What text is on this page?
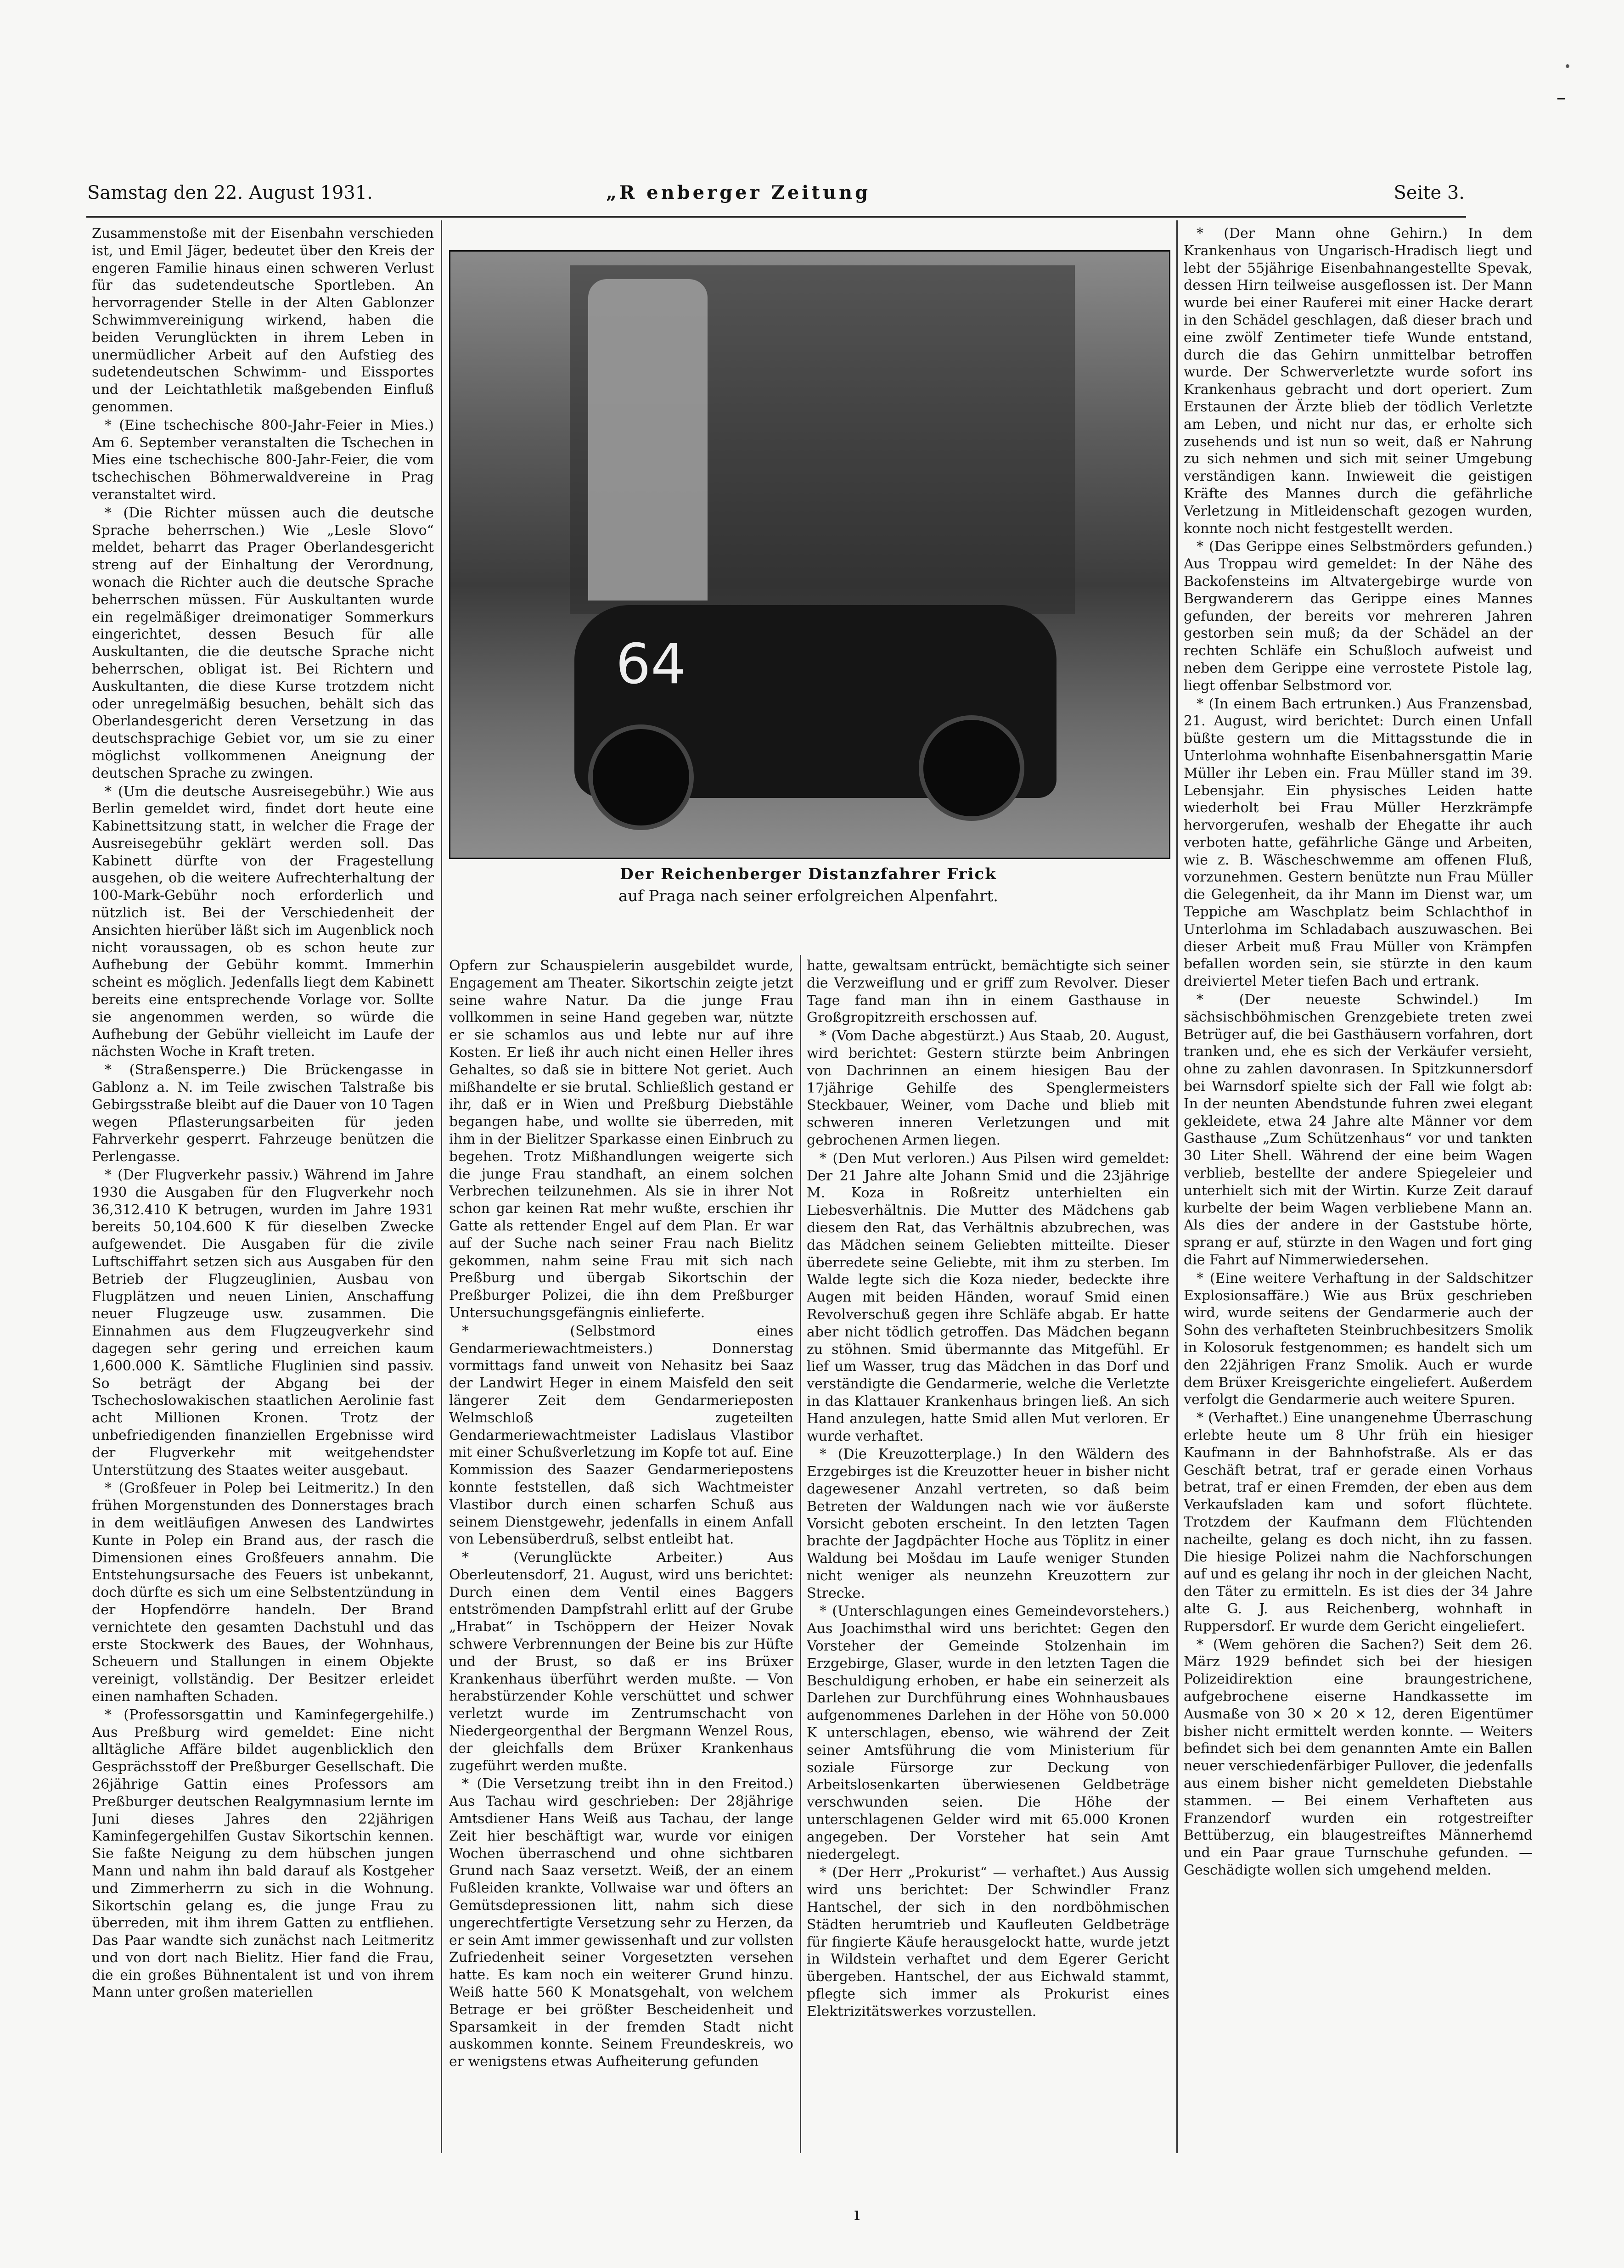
–
Samstag den 22. August 1931.	„R enberger Zeitung	Seite 3.

Zusammenstoße mit der Eisenbahn verschieden ist, und Emil Jäger, bedeutet über den Kreis der engeren Familie hinaus einen schweren Verlust für das sudetendeutsche Sportleben. An hervorragender Stelle in der Alten Gablonzer Schwimmvereinigung wirkend, haben die beiden Verunglückten in ihrem Leben in unermüdlicher Arbeit auf den Aufstieg des sudetendeutschen Schwimm- und Eissportes und der Leichtathletik maßgebenden Einfluß genommen.

* (Eine tschechische 800-Jahr-Feier in Mies.) Am 6. September veranstalten die Tschechen in Mies eine tschechische 800-Jahr-Feier, die vom tschechischen Böhmerwaldvereine in Prag veranstaltet wird.

* (Die Richter müssen auch die deutsche Sprache beherrschen.) Wie „Lesle Slovo“ meldet, beharrt das Prager Oberlandesgericht streng auf der Einhaltung der Verordnung, wonach die Richter auch die deutsche Sprache beherrschen müssen. Für Auskultanten wurde ein regelmäßiger dreimonatiger Sommerkurs eingerichtet, dessen Besuch für alle Auskultanten, die die deutsche Sprache nicht beherrschen, obligat ist. Bei Richtern und Auskultanten, die diese Kurse trotzdem nicht oder unregelmäßig besuchen, behält sich das Oberlandesgericht deren Versetzung in das deutschsprachige Gebiet vor, um sie zu einer möglichst vollkommenen Aneignung der deutschen Sprache zu zwingen.

* (Um die deutsche Ausreisegebühr.) Wie aus Berlin gemeldet wird, findet dort heute eine Kabinettsitzung statt, in welcher die Frage der Ausreisegebühr geklärt werden soll. Das Kabinett dürfte von der Fragestellung ausgehen, ob die weitere Aufrechterhaltung der 100-Mark-Gebühr noch erforderlich und nützlich ist. Bei der Verschiedenheit der Ansichten hierüber läßt sich im Augenblick noch nicht voraussagen, ob es schon heute zur Aufhebung der Gebühr kommt. Immerhin scheint es möglich. Jedenfalls liegt dem Kabinett bereits eine entsprechende Vorlage vor. Sollte sie angenommen werden, so würde die Aufhebung der Gebühr vielleicht im Laufe der nächsten Woche in Kraft treten.

* (Straßensperre.) Die Brückengasse in Gablonz a. N. im Teile zwischen Talstraße bis Gebirgsstraße bleibt auf die Dauer von 10 Tagen wegen Pflasterungsarbeiten für jeden Fahrverkehr gesperrt. Fahrzeuge benützen die Perlengasse.

* (Der Flugverkehr passiv.) Während im Jahre 1930 die Ausgaben für den Flugverkehr noch 36,312.410 K betrugen, wurden im Jahre 1931 bereits 50,104.600 K für dieselben Zwecke aufgewendet. Die Ausgaben für die zivile Luftschiffahrt setzen sich aus Ausgaben für den Betrieb der Flugzeuglinien, Ausbau von Flugplätzen und neuen Linien, Anschaffung neuer Flugzeuge usw. zusammen. Die Einnahmen aus dem Flugzeugverkehr sind dagegen sehr gering und erreichen kaum 1,600.000 K. Sämtliche Fluglinien sind passiv. So beträgt der Abgang bei der Tschechoslowakischen staatlichen Aerolinie fast acht Millionen Kronen. Trotz der unbefriedigenden finanziellen Ergebnisse wird der Flugverkehr mit weitgehendster Unterstützung des Staates weiter ausgebaut.

* (Großfeuer in Polep bei Leitmeritz.) In den frühen Morgenstunden des Donnerstages brach in dem weitläufigen Anwesen des Landwirtes Kunte in Polep ein Brand aus, der rasch die Dimensionen eines Großfeuers annahm. Die Entstehungsursache des Feuers ist unbekannt, doch dürfte es sich um eine Selbstentzündung in der Hopfendörre handeln. Der Brand vernichtete den gesamten Dachstuhl und das erste Stockwerk des Baues, der Wohnhaus, Scheuern und Stallungen in einem Objekte vereinigt, vollständig. Der Besitzer erleidet einen namhaften Schaden.

* (Professorsgattin und Kaminfegergehilfe.) Aus Preßburg wird gemeldet: Eine nicht alltägliche Affäre bildet augenblicklich den Gesprächsstoff der Preßburger Gesellschaft. Die 26jährige Gattin eines Professors am Preßburger deutschen Realgymnasium lernte im Juni dieses Jahres den 22jährigen Kaminfegergehilfen Gustav Sikortschin kennen. Sie faßte Neigung zu dem hübschen jungen Mann und nahm ihn bald darauf als Kostgeher und Zimmerherrn zu sich in die Wohnung. Sikortschin gelang es, die junge Frau zu überreden, mit ihm ihrem Gatten zu entfliehen. Das Paar wandte sich zunächst nach Leitmeritz und von dort nach Bielitz. Hier fand die Frau, die ein großes Bühnentalent ist und von ihrem Mann unter großen materiellen

64
Der Reichenberger Distanzfahrer Frick
auf Praga nach seiner erfolgreichen Alpenfahrt.

Opfern zur Schauspielerin ausgebildet wurde, Engagement am Theater. Sikortschin zeigte jetzt seine wahre Natur. Da die junge Frau vollkommen in seine Hand gegeben war, nützte er sie schamlos aus und lebte nur auf ihre Kosten. Er ließ ihr auch nicht einen Heller ihres Gehaltes, so daß sie in bittere Not geriet. Auch mißhandelte er sie brutal. Schließlich gestand er ihr, daß er in Wien und Preßburg Diebstähle begangen habe, und wollte sie überreden, mit ihm in der Bielitzer Sparkasse einen Einbruch zu begehen. Trotz Mißhandlungen weigerte sich die junge Frau standhaft, an einem solchen Verbrechen teilzunehmen. Als sie in ihrer Not schon gar keinen Rat mehr wußte, erschien ihr Gatte als rettender Engel auf dem Plan. Er war auf der Suche nach seiner Frau nach Bielitz gekommen, nahm seine Frau mit sich nach Preßburg und übergab Sikortschin der Preßburger Polizei, die ihn dem Preßburger Untersuchungsgefängnis einlieferte.

* (Selbstmord eines Gendarmeriewachtmeisters.) Donnerstag vormittags fand unweit von Nehasitz bei Saaz der Landwirt Heger in einem Maisfeld den seit längerer Zeit dem Gendarmerieposten Welmschloß zugeteilten Gendarmeriewachtmeister Ladislaus Vlastibor mit einer Schußverletzung im Kopfe tot auf. Eine Kommission des Saazer Gendarmeriepostens konnte feststellen, daß sich Wachtmeister Vlastibor durch einen scharfen Schuß aus seinem Dienstgewehr, jedenfalls in einem Anfall von Lebensüberdruß, selbst entleibt hat.

* (Verunglückte Arbeiter.) Aus Oberleutensdorf, 21. August, wird uns berichtet: Durch einen dem Ventil eines Baggers entströmenden Dampfstrahl erlitt auf der Grube „Hrabat“ in Tschöppern der Heizer Novak schwere Verbrennungen der Beine bis zur Hüfte und der Brust, so daß er ins Brüxer Krankenhaus überführt werden mußte. — Von herabstürzender Kohle verschüttet und schwer verletzt wurde im Zentrumschacht von Niedergeorgenthal der Bergmann Wenzel Rous, der gleichfalls dem Brüxer Krankenhaus zugeführt werden mußte.

* (Die Versetzung treibt ihn in den Freitod.) Aus Tachau wird geschrieben: Der 28jährige Amtsdiener Hans Weiß aus Tachau, der lange Zeit hier beschäftigt war, wurde vor einigen Wochen überraschend und ohne sichtbaren Grund nach Saaz versetzt. Weiß, der an einem Fußleiden krankte, Vollwaise war und öfters an Gemütsdepressionen litt, nahm sich diese ungerechtfertigte Versetzung sehr zu Herzen, da er sein Amt immer gewissenhaft und zur vollsten Zufriedenheit seiner Vorgesetzten versehen hatte. Es kam noch ein weiterer Grund hinzu. Weiß hatte 560 K Monatsgehalt, von welchem Betrage er bei größter Bescheidenheit und Sparsamkeit in der fremden Stadt nicht auskommen konnte. Seinem Freundeskreis, wo er wenigstens etwas Aufheiterung gefunden

hatte, gewaltsam entrückt, bemächtigte sich seiner die Verzweiflung und er griff zum Revolver. Dieser Tage fand man ihn in einem Gasthause in Großgropitzreith erschossen auf.

* (Vom Dache abgestürzt.) Aus Staab, 20. August, wird berichtet: Gestern stürzte beim Anbringen von Dachrinnen an einem hiesigen Bau der 17jährige Gehilfe des Spenglermeisters Steckbauer, Weiner, vom Dache und blieb mit schweren inneren Verletzungen und mit gebrochenen Armen liegen.

* (Den Mut verloren.) Aus Pilsen wird gemeldet: Der 21 Jahre alte Johann Smid und die 23jährige M. Koza in Roßreitz unterhielten ein Liebesverhältnis. Die Mutter des Mädchens gab diesem den Rat, das Verhältnis abzubrechen, was das Mädchen seinem Geliebten mitteilte. Dieser überredete seine Geliebte, mit ihm zu sterben. Im Walde legte sich die Koza nieder, bedeckte ihre Augen mit beiden Händen, worauf Smid einen Revolverschuß gegen ihre Schläfe abgab. Er hatte aber nicht tödlich getroffen. Das Mädchen begann zu stöhnen. Smid übermannte das Mitgefühl. Er lief um Wasser, trug das Mädchen in das Dorf und verständigte die Gendarmerie, welche die Verletzte in das Klattauer Krankenhaus bringen ließ. An sich Hand anzulegen, hatte Smid allen Mut verloren. Er wurde verhaftet.

* (Die Kreuzotterplage.) In den Wäldern des Erzgebirges ist die Kreuzotter heuer in bisher nicht dagewesener Anzahl vertreten, so daß beim Betreten der Waldungen nach wie vor äußerste Vorsicht geboten erscheint. In den letzten Tagen brachte der Jagdpächter Hoche aus Töplitz in einer Waldung bei Mošdau im Laufe weniger Stunden nicht weniger als neunzehn Kreuzottern zur Strecke.

* (Unterschlagungen eines Gemeindevorstehers.) Aus Joachimsthal wird uns berichtet: Gegen den Vorsteher der Gemeinde Stolzenhain im Erzgebirge, Glaser, wurde in den letzten Tagen die Beschuldigung erhoben, er habe ein seinerzeit als Darlehen zur Durchführung eines Wohnhausbaues aufgenommenes Darlehen in der Höhe von 50.000 K unterschlagen, ebenso, wie während der Zeit seiner Amtsführung die vom Ministerium für soziale Fürsorge zur Deckung von Arbeitslosenkarten überwiesenen Geldbeträge verschwunden seien. Die Höhe der unterschlagenen Gelder wird mit 65.000 Kronen angegeben. Der Vorsteher hat sein Amt niedergelegt.

* (Der Herr „Prokurist“ — verhaftet.) Aus Aussig wird uns berichtet: Der Schwindler Franz Hantschel, der sich in den nordböhmischen Städten herumtrieb und Kaufleuten Geldbeträge für fingierte Käufe herausgelockt hatte, wurde jetzt in Wildstein verhaftet und dem Egerer Gericht übergeben. Hantschel, der aus Eichwald stammt, pflegte sich immer als Prokurist eines Elektrizitätswerkes vorzustellen.

* (Der Mann ohne Gehirn.) In dem Krankenhaus von Ungarisch-Hradisch liegt und lebt der 55jährige Eisenbahnangestellte Spevak, dessen Hirn teilweise ausgeflossen ist. Der Mann wurde bei einer Rauferei mit einer Hacke derart in den Schädel geschlagen, daß dieser brach und eine zwölf Zentimeter tiefe Wunde entstand, durch die das Gehirn unmittelbar betroffen wurde. Der Schwerverletzte wurde sofort ins Krankenhaus gebracht und dort operiert. Zum Erstaunen der Ärzte blieb der tödlich Verletzte am Leben, und nicht nur das, er erholte sich zusehends und ist nun so weit, daß er Nahrung zu sich nehmen und sich mit seiner Umgebung verständigen kann. Inwieweit die geistigen Kräfte des Mannes durch die gefährliche Verletzung in Mitleidenschaft gezogen wurden, konnte noch nicht festgestellt werden.

* (Das Gerippe eines Selbstmörders gefunden.) Aus Troppau wird gemeldet: In der Nähe des Backofensteins im Altvatergebirge wurde von Bergwanderern das Gerippe eines Mannes gefunden, der bereits vor mehreren Jahren gestorben sein muß; da der Schädel an der rechten Schläfe ein Schußloch aufweist und neben dem Gerippe eine verrostete Pistole lag, liegt offenbar Selbstmord vor.

* (In einem Bach ertrunken.) Aus Franzensbad, 21. August, wird berichtet: Durch einen Unfall büßte gestern um die Mittagsstunde die in Unterlohma wohnhafte Eisenbahnersgattin Marie Müller ihr Leben ein. Frau Müller stand im 39. Lebensjahr. Ein physisches Leiden hatte wiederholt bei Frau Müller Herzkrämpfe hervorgerufen, weshalb der Ehegatte ihr auch verboten hatte, gefährliche Gänge und Arbeiten, wie z. B. Wäscheschwemme am offenen Fluß, vorzunehmen. Gestern benützte nun Frau Müller die Gelegenheit, da ihr Mann im Dienst war, um Teppiche am Waschplatz beim Schlachthof in Unterlohma im Schladabach auszuwaschen. Bei dieser Arbeit muß Frau Müller von Krämpfen befallen worden sein, sie stürzte in den kaum dreiviertel Meter tiefen Bach und ertrank.

* (Der neueste Schwindel.) Im sächsischböhmischen Grenzgebiete treten zwei Betrüger auf, die bei Gasthäusern vorfahren, dort tranken und, ehe es sich der Verkäufer versieht, ohne zu zahlen davonrasen. In Spitzkunnersdorf bei Warnsdorf spielte sich der Fall wie folgt ab: In der neunten Abendstunde fuhren zwei elegant gekleidete, etwa 24 Jahre alte Männer vor dem Gasthause „Zum Schützenhaus“ vor und tankten 30 Liter Shell. Während der eine beim Wagen verblieb, bestellte der andere Spiegeleier und unterhielt sich mit der Wirtin. Kurze Zeit darauf kurbelte der beim Wagen verbliebene Mann an. Als dies der andere in der Gaststube hörte, sprang er auf, stürzte in den Wagen und fort ging die Fahrt auf Nimmerwiedersehen.

* (Eine weitere Verhaftung in der Saldschitzer Explosionsaffäre.) Wie aus Brüx geschrieben wird, wurde seitens der Gendarmerie auch der Sohn des verhafteten Steinbruchbesitzers Smolik in Kolosoruk festgenommen; es handelt sich um den 22jährigen Franz Smolik. Auch er wurde dem Brüxer Kreisgerichte eingeliefert. Außerdem verfolgt die Gendarmerie auch weitere Spuren.

* (Verhaftet.) Eine unangenehme Überraschung erlebte heute um 8 Uhr früh ein hiesiger Kaufmann in der Bahnhofstraße. Als er das Geschäft betrat, traf er gerade einen Vorhaus betrat, traf er einen Fremden, der eben aus dem Verkaufsladen kam und sofort flüchtete. Trotzdem der Kaufmann dem Flüchtenden nacheilte, gelang es doch nicht, ihn zu fassen. Die hiesige Polizei nahm die Nachforschungen auf und es gelang ihr noch in der gleichen Nacht, den Täter zu ermitteln. Es ist dies der 34 Jahre alte G. J. aus Reichenberg, wohnhaft in Ruppersdorf. Er wurde dem Gericht eingeliefert.

* (Wem gehören die Sachen?) Seit dem 26. März 1929 befindet sich bei der hiesigen Polizeidirektion eine braungestrichene, aufgebrochene eiserne Handkassette im Ausmaße von 30 × 20 × 12, deren Eigentümer bisher nicht ermittelt werden konnte. — Weiters befindet sich bei dem genannten Amte ein Ballen neuer verschiedenfärbiger Pullover, die jedenfalls aus einem bisher nicht gemeldeten Diebstahle stammen. — Bei einem Verhafteten aus Franzendorf wurden ein rotgestreifter Bettüberzug, ein blaugestreiftes Männerhemd und ein Paar graue Turnschuhe gefunden. — Geschädigte wollen sich umgehend melden.

ı
